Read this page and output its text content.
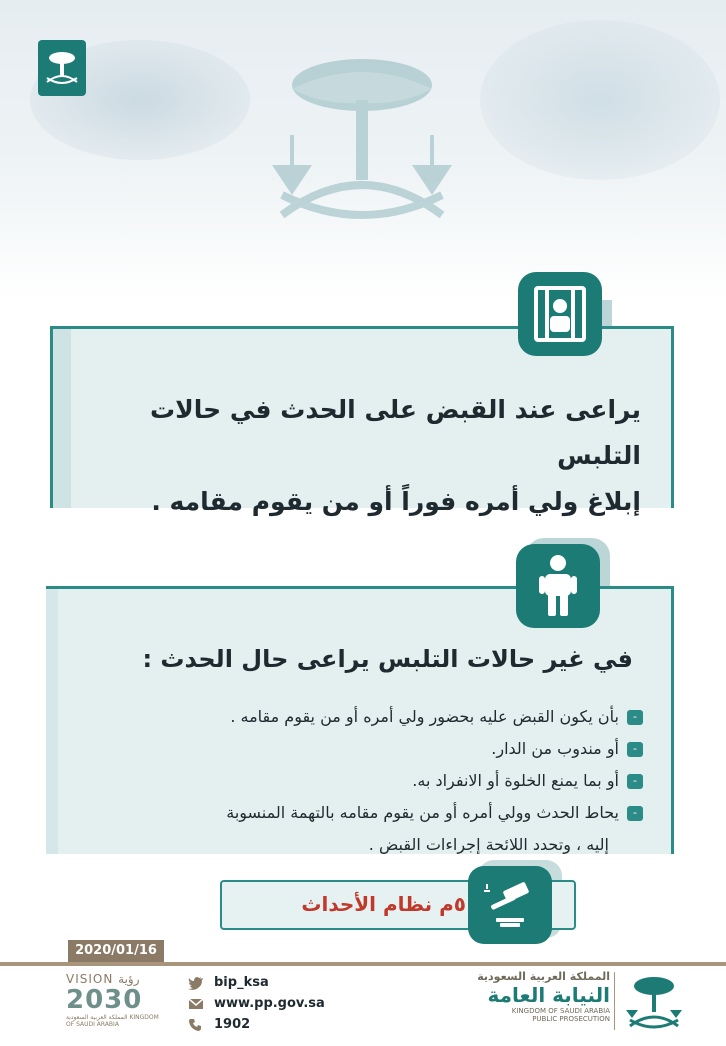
يراعى عند القبض على الحدث في حالات التلبس
إبلاغ ولي أمره فوراً أو من يقوم مقامه .
في غير حالات التلبس يراعى حال الحدث :
-
بأن يكون القبض عليه بحضور ولي أمره أو من يقوم مقامه .
-
أو مندوب من الدار.
-
أو بما يمنع الخلوة أو الانفراد به.
-
يحاط الحدث وولي أمره أو من يقوم مقامه بالتهمة المنسوبة
إليه ، وتحدد اللائحة إجراءات القبض .
٥م نظام الأحداث
2020/01/16
VISION رؤية
2030
المملكة العربية السعودية KINGDOM OF SAUDI ARABIA
bip_ksa
www.pp.gov.sa
1902
المملكة العربية السعودية
النيابة العامة
KINGDOM OF SAUDI ARABIA
PUBLIC PROSECUTION
